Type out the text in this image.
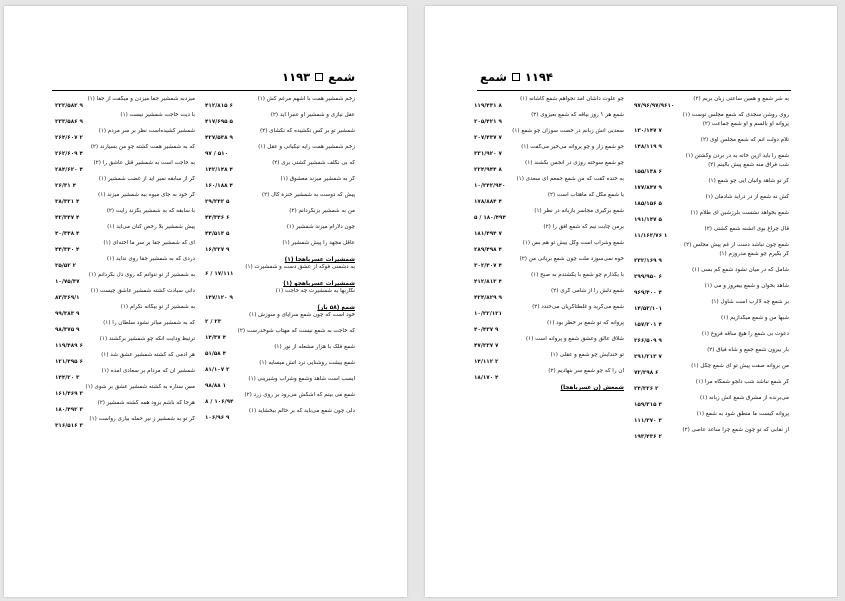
شمع
۱۱۹۳
زخم شمشیر همت با اشهم مرغم کش (۱)
۴۱۲/۸۱۵ ۶
عقل نیازی و شمشیر او عنبرا آید (۲)
۴۱۷/۶۹۵ ۵
شمشیر تو بر کس نکشیده که نکشای (۲)
۴۲۷/۵۳۸ ۹
زخم شمشیر همت رایه تیکیانی و عقل (۱)
۹۷ / ۵۱۰
که بی نگلف شمشیر کشتی بری (۲)
۱۴۲/۱۴۸ ۴
گر به شمشیر میزند معشوق (۱)
۱۶۰/۱۸۸ ۴
پیش که دوست به شمشیر خنزة کال (۲)
۲۹/۲۴۲ ۵
من به شمشیر بزنگردانم (۲)
۴۴/۳۴۶ ۶
چون دلارام میزند شمشیر (۱)
۴۴/۵۱۳ ۵
عاقل مجهد را پیش شمشیر (۱)
۱۶/۲۲۷ ۹
شمشیرات عسرباهجا (۱)
به دشمنی فوکه از عشق دست و شمشیرت (۱)
۶ / ۱۷/۱۱۱
شمشیرات عسرباهجو (۱)
نگاربها به شمشیرت چه حاجت (۱)
۱۴۷/۱۲۰ ۹
شمع (۵۸ بار)
خود است که چون شمع سرایای و سوزش (۱)
۲ / ۲۳
که خاجت به شمع نیست که مهتاب شوخدرست (۲)
۱۴/۳۷ ۴
شمع فلک با هزار مشعله از نور (۱)
۵۱/۵۸ ۴
شمع بیشت روشنایی نرد آتش میسایه (۱)
۸۱/۱۰۷ ۲
ایسب است شاهد وشمع وشراب وشیرینی (۱)
۹۸/۸۸ ۱
شمع می بینم که اشکش می‌رود بر روی زرد (۲)
۸ / ۱۰۶/۹۴
دلی چون شمع می‌باید که بر حالم ببخشاید (۱)
۱۰۶/۹۶ ۹
میزدبه شمشیر جفا میزدن و میگفت از جفا (۱)
۲۲۲/۵۸۲ ۹
با دیت خاجت شمشیر نیست (۱)
۲۳۳/۵۸۶ ۹
شمشیر کشیده‌است نظر بر سر مردم (۱)
۲۶۴/۶۰۷ ۲
که به شمشیر همت کشته چو من بسیارند (۲)
۲۶۲/۶۰۹ ۴
به خاجت است به شمشیر قتل عاشق را (۲)
۲۸۴/۶۲۰ ۴
گر از سابقه نمیر آید از غضب شمشیر (۱)
۲۶/۳۱ ۴
گر خود به جای میوه ببه شمشیر میزند (۱)
۳۸/۳۲۱ ۴
با سابقه که به شمشیر بگزند رایت (۲)
۴۲/۳۴۷ ۴
پیش شمشیر بلا رخص کنان می‌آید (۱)
۴۰/۳۴۸ ۴
ای که شمشیر جفا بر سر ما آخته‌ای (۱)
۴۴/۳۴۰ ۴
دردی که به شمشیر جفا روی نداید (۱)
۲۵/۵۲ ۲
به شمشیر از تو نتوانم که روی دل بگردانم (۱)
۱۰/۷۵/۳۷
دانی سیادت کشته شمشیر عاشق چیست (۱)
۸۳/۳۶۹/۱
به شمشیر از تو بیگانه نگرام (۱)
۹۹/۳۸۳ ۹
که به شمشیر میاثر نشود سلطان را (۱)
۹۸/۳۷۵ ۹
ترتیظ ودایت آنکه چو شمشیر برکشند (۱)
۱۱۹/۴۸۹ ۶
هر آدمی که کشته شمشیر عشق شد (۱)
۱۲۱/۴۹۵ ۶
شمشیر آن که مردام بر سعادی آمده (۱)
۱۴۴/۲۰ ۳
مس ستاره به کشته شمشیر عشق بر شوی (۱)
۱۶۱/۴۶۹ ۳
هرجا که باشم برود همه کشته شمشیر (۲)
۱۸۰/۴۹۲ ۳
گر تو به شمشیر ز نیر حمله بیاری رواست (۱)
۳۱۶/۵۱۶ ۳
۱۱۹۴
شمع
به شر شمع و همین ساعتی زبان بریم (۲)
۹۷/۹۶/۹۷/۹۶۱۰
روی روشن سجدی که شمع مجلس توست (۱)
پروانه او بالسم و او شمع جماعت (۲)
۱۳۰/۱۴۷ ۷
تلام دولت آنم که شمع مجلس اوی (۲)
۱۴۸/۱۱۹ ۹
شمع را باید ازین خانه به در بردن وکشتن (۱)
شب فراق منه شمع پیش بالینم (۲)
۱۵۵/۱۳۸ ۶
گر تو شاهد وانیان آیی چو شمع (۱)
۱۷۷/۸۴۷ ۹
کش نه شمع از در درآید شادمان (۱)
۱۸۵/۱۵۶ ۵
شمع بخواهد نشست بلرزشین ای طلام (۱)
۱۹۱/۱۴۷ ۵
قال چراغ بوی آتشنه شمع گشتی (۲)
۱۱/۱۶۲/۷۶ ۱
شمع چون نباشد دست از غم پیش مجلس (۲)
گر بگیرم چو شمع مدروزم (۱)
۲۳۲/۱۶۹ ۹
شامل که در میان نشود شمع گم بسی (۱)
۲۹۹/۹۵۰ ۶
شاهد بخوان و شمع بیفروز و می (۱)
۹۶۹/۴۰۰ ۴
بر شمع چه لاارب است شاول (۱)
۱۴/۵۳/۱۰۱
شبها من و شمع میگدازیم (۱)
۱۵۷/۲۰۱ ۴
دعوت بی شمع را هیچ ساقه فروغ (۱)
۲۶۶/۵۰۹ ۹
بار بیرون شمع جمع و شاه فیاق (۲)
۲۹۱/۲۱۳ ۷
من بروانه صفت پیش تو ای شمع چگل (۱)
۷۲/۲۹۸ ۶
گر شمع نباشد شب دلجو شمگاه مرا (۱)
۲۴/۲۲۶ ۲
می‌برنده از مشرق شمع آتش زبانه (۱)
۱۵۹/۳۱۵ ۳
پروانه کیست ما منطق شود به شمع (۱)
۱۱۱/۳۷۰ ۳
از نقابی که تو چون شمع چرا ساعد عاصی (۲)
۱۹۳/۴۳۶ ۲
چو علوت داشان آمد نجواهم شمع کاشانه (۱)
۱۱۹/۴۳۱ ۸
شمع هر ؟ روز بیاقه که شمع بعیزوی (۲)
۲۰۵/۴۲۱ ۹
سعدیی آتش زبانم در خصت سوزان چو شمع (۱)
۲۰۷/۴۳۷ ۷
جو شمع زار و چو پروانه می‌خیر می‌گفت (۱)
۳۳۱/۹۲۰ ۷
چو شمع سوخته روزی در انجمن بکشند (۱)
۲۲۴/۹۴۴ ۸
به خنده گفت که من شمع جمعم ای سعدی (۱)
۱۰/۲۴۲/۹۴۰
یا شمع مگل که ماهتاب است (۲)
۱۷۸/۸۸۴ ۴
شمع برگیری مجاسر بازبانه در نظر (۱)
۵ / ۱۸۰/۴۹۴
برمن چابت نیم که شمع افق را (۲)
۱۸۱/۴۹۴ ۷
شمع وشراب است وگل بیش تو هم بس (۱)
۲۸۹/۴۹۸ ۴
خوه نمی‌سوزد ملت چون شمع بریانی من (۲)
۳۰۲/۴۰۷ ۴
با یگذارم چو شمع با یکشندم به صبح (۱)
۴۱۲/۸۱۳ ۴
شمع دلش را از شامی گری (۲)
۴۲۴/۸۲۹ ۹
شمع می‌گرید و غلطتاگریان می‌خندد (۲)
۱۰/۲۲/۱۲۱
پروانه که تو شمع بر خطر بود (۱)
۴۰/۴۳۷ ۹
شلاق عالق وعشق شمع و پروانه است (۱)
۴۷/۲۳۷ ۷
تو خندایش چو شمع و عقلی (۱)
۱۴/۱۱۲ ۲
آن را که چو شمع سر بنهادیم (۲)
۱۸/۱۷۰ ۴
شمعش (ن عسرباهجا)
